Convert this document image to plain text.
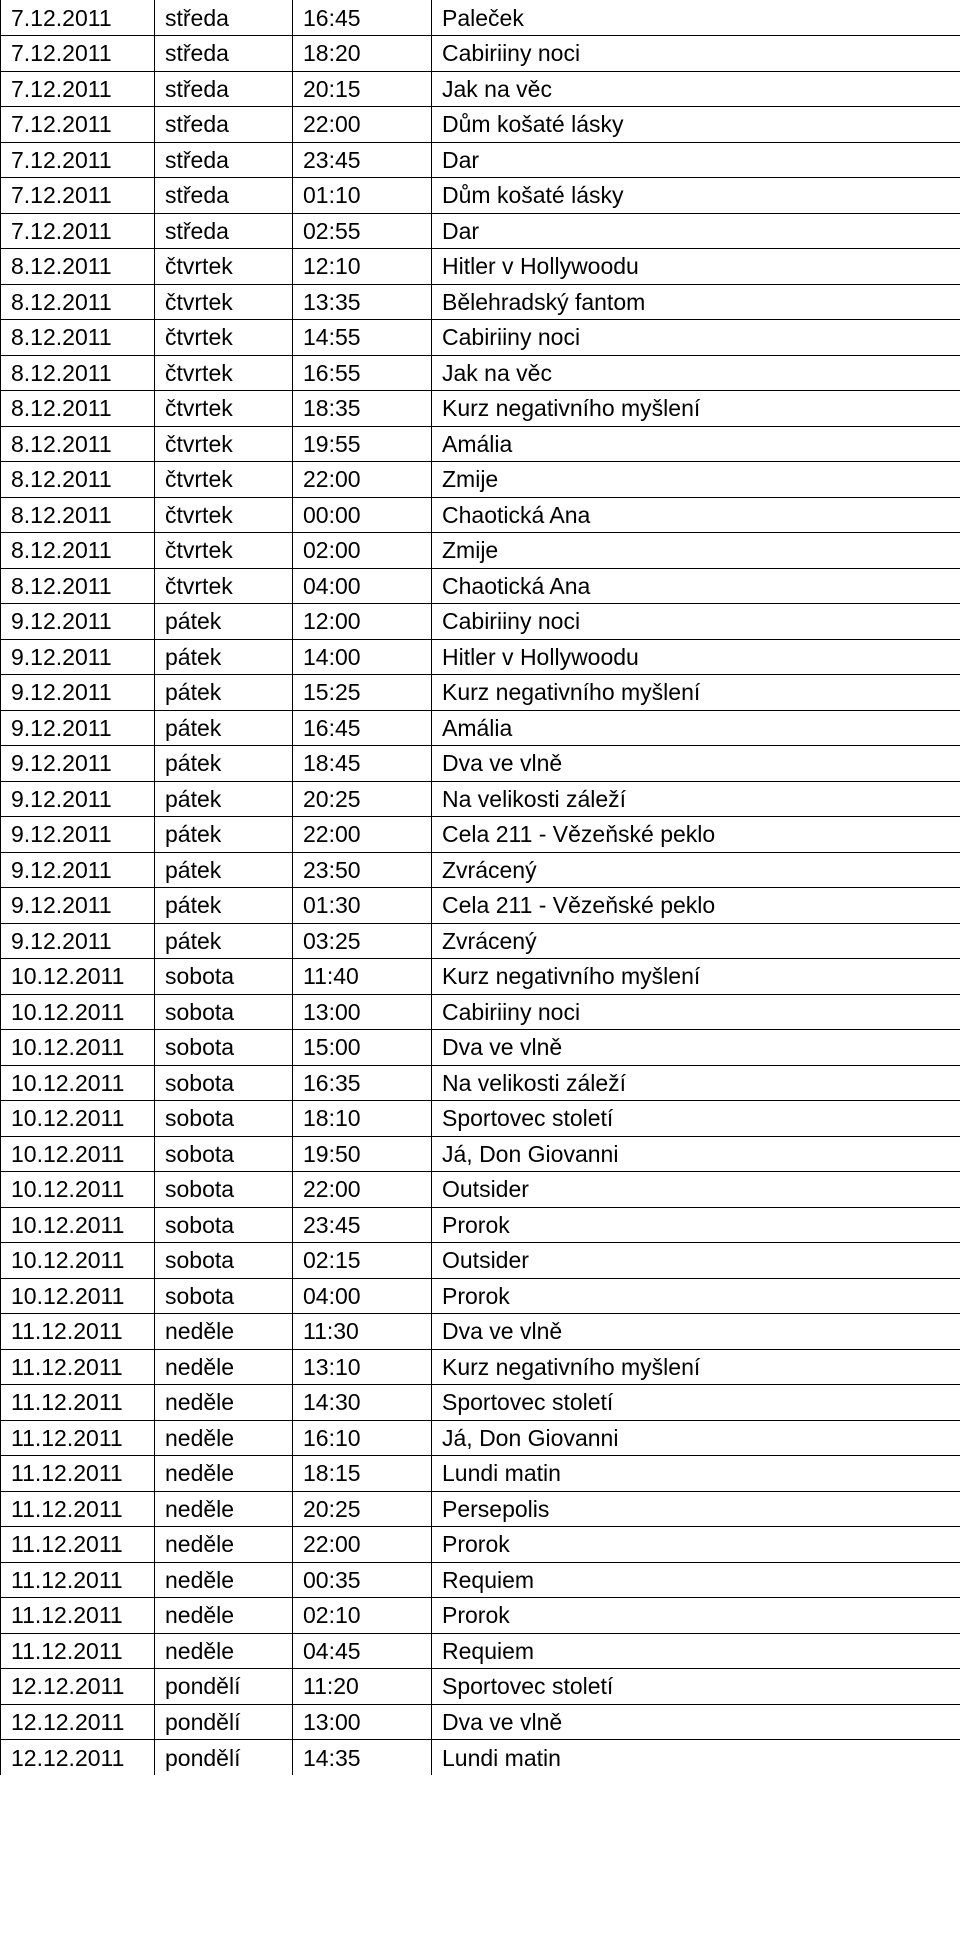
7.12.2011	středa	16:45	Paleček
7.12.2011	středa	18:20	Cabiriiny noci
7.12.2011	středa	20:15	Jak na věc
7.12.2011	středa	22:00	Dům košaté lásky
7.12.2011	středa	23:45	Dar
7.12.2011	středa	01:10	Dům košaté lásky
7.12.2011	středa	02:55	Dar
8.12.2011	čtvrtek	12:10	Hitler v Hollywoodu
8.12.2011	čtvrtek	13:35	Bělehradský fantom
8.12.2011	čtvrtek	14:55	Cabiriiny noci
8.12.2011	čtvrtek	16:55	Jak na věc
8.12.2011	čtvrtek	18:35	Kurz negativního myšlení
8.12.2011	čtvrtek	19:55	Amália
8.12.2011	čtvrtek	22:00	Zmije
8.12.2011	čtvrtek	00:00	Chaotická Ana
8.12.2011	čtvrtek	02:00	Zmije
8.12.2011	čtvrtek	04:00	Chaotická Ana
9.12.2011	pátek	12:00	Cabiriiny noci
9.12.2011	pátek	14:00	Hitler v Hollywoodu
9.12.2011	pátek	15:25	Kurz negativního myšlení
9.12.2011	pátek	16:45	Amália
9.12.2011	pátek	18:45	Dva ve vlně
9.12.2011	pátek	20:25	Na velikosti záleží
9.12.2011	pátek	22:00	Cela 211 - Vězeňské peklo
9.12.2011	pátek	23:50	Zvrácený
9.12.2011	pátek	01:30	Cela 211 - Vězeňské peklo
9.12.2011	pátek	03:25	Zvrácený
10.12.2011	sobota	11:40	Kurz negativního myšlení
10.12.2011	sobota	13:00	Cabiriiny noci
10.12.2011	sobota	15:00	Dva ve vlně
10.12.2011	sobota	16:35	Na velikosti záleží
10.12.2011	sobota	18:10	Sportovec století
10.12.2011	sobota	19:50	Já, Don Giovanni
10.12.2011	sobota	22:00	Outsider
10.12.2011	sobota	23:45	Prorok
10.12.2011	sobota	02:15	Outsider
10.12.2011	sobota	04:00	Prorok
11.12.2011	neděle	11:30	Dva ve vlně
11.12.2011	neděle	13:10	Kurz negativního myšlení
11.12.2011	neděle	14:30	Sportovec století
11.12.2011	neděle	16:10	Já, Don Giovanni
11.12.2011	neděle	18:15	Lundi matin
11.12.2011	neděle	20:25	Persepolis
11.12.2011	neděle	22:00	Prorok
11.12.2011	neděle	00:35	Requiem
11.12.2011	neděle	02:10	Prorok
11.12.2011	neděle	04:45	Requiem
12.12.2011	pondělí	11:20	Sportovec století
12.12.2011	pondělí	13:00	Dva ve vlně
12.12.2011	pondělí	14:35	Lundi matin
